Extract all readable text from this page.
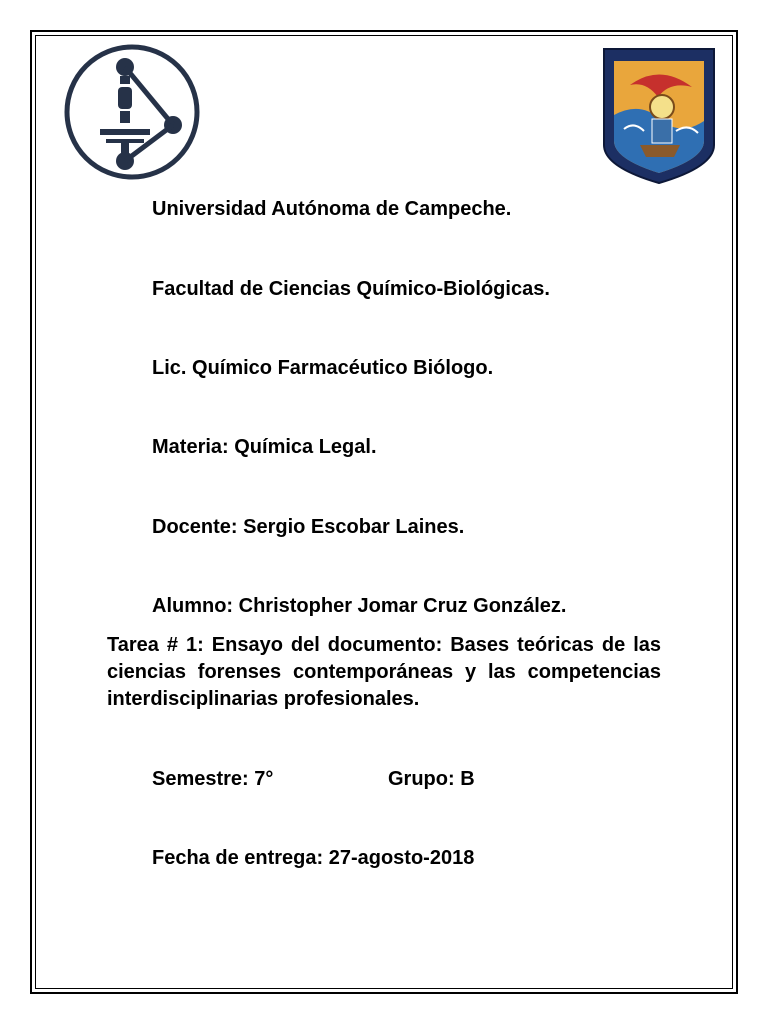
Universidad Autónoma de Campeche.
Facultad de Ciencias Químico-Biológicas.
Lic. Químico Farmacéutico Biólogo.
Materia: Química Legal.
Docente: Sergio Escobar Laines.
Alumno: Christopher Jomar Cruz González.
Tarea # 1: Ensayo del documento: Bases teóricas de las ciencias forenses contemporáneas y las competencias interdisciplinarias profesionales.
Semestre: 7°	Grupo: B
Fecha de entrega: 27-agosto-2018
